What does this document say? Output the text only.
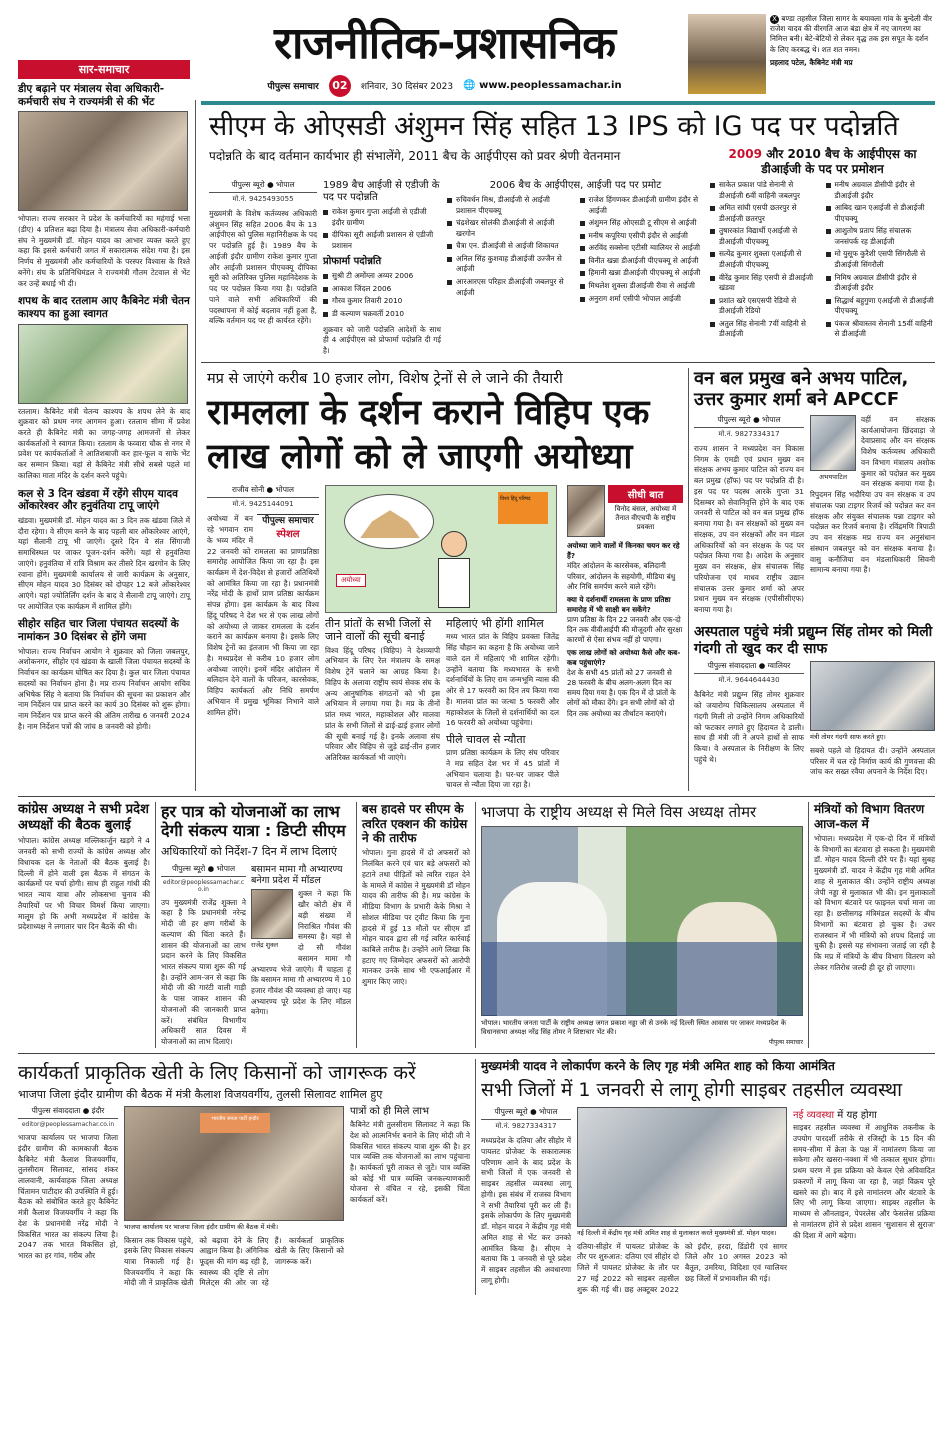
सार-समाचार
डीए बढ़ाने पर मंत्रालय सेवा अधिकारी-कर्मचारी संघ ने राज्यमंत्री से की भेंट
भोपाल। राज्य सरकार ने प्रदेश के कर्मचारियों का महंगाई भत्ता (डीए) 4 प्रतिशत बढ़ा दिया है। मंत्रालय सेवा अधिकारी-कर्मचारी संघ ने मुख्यमंत्री डॉ. मोहन यादव का आभार व्यक्त करते हुए कहा कि इससे कर्मचारी जगत में सकारात्मक संदेश गया है। इस निर्णय से मुख्यमंत्री और कर्मचारियों के परस्पर विश्वास के रिश्ते बनेंगे। संघ के प्रतिनिधिमंडल ने राज्यमंत्री गौतम टेटवाल से भेंट कर उन्हें बधाई भी दी।
शपथ के बाद रतलाम आए कैबिनेट मंत्री चेतन काश्यप का हुआ स्वागत
रतलाम। कैबिनेट मंत्री चेतन्य काश्यप के शपथ लेने के बाद शुक्रवार को प्रथम नगर आगमन हुआ। रतलाम सीमा में प्रवेश करते ही कैबिनेट मंत्री का जगह-जगह आमजनों से लेकर कार्यकर्ताओं ने स्वागत किया। रतलाम के फव्वारा चौक से नगर में प्रवेश पर कार्यकर्ताओं ने आतिशबाजी कर हार-फूल व साफे भेंट कर सम्मान किया। यहां से कैबिनेट मंत्री सीधे सबसे पहले मां कालिका माता मंदिर के दर्शन करने पहुंचे।
कल से 3 दिन खंडवा में रहेंगे सीएम यादव ओंकारेश्वर और हनुवंतिया टापू जाएंगे
खंडवा। मुख्यमंत्री डॉ. मोहन यादव का 3 दिन तक खंडवा जिले में दौरा रहेगा। वे सीएम बनने के बाद पहली बार ओंकारेश्वर आएंगे, यहां सैलानी टापू भी जाएंगे। दूसरे दिन वे संत सिंगाजी समाधिस्थल पर जाकर पूजन-दर्शन करेंगे। यहां से हनुवंतिया जाएंगे। हनुवंतिया में रात्रि विश्राम कर तीसरे दिन खरगोन के लिए रवाना होंगे। मुख्यमंत्री कार्यालय से जारी कार्यक्रम के अनुसार, सीएम मोहन यादव 30 दिसंबर को दोपहर 12 बजे ओंकारेश्वर आएंगे। यहां ज्योतिर्लिंग दर्शन के बाद वे सैलानी टापू जाएंगे। टापू पर आयोजित एक कार्यक्रम में शामिल होंगे।
सीहोर सहित चार जिला पंचायत सदस्यों के नामांकन 30 दिसंबर से होंगे जमा
भोपाल। राज्य निर्वाचन आयोग ने शुक्रवार को जिला जबलपुर, अशोकनगर, सीहोर एवं खंडवा के खाली जिला पंचायत सदस्यों के निर्वाचन का कार्यक्रम घोषित कर दिया है। कुल चार जिला पंचायत सदस्यों का निर्वाचन होना है। मप्र राज्य निर्वाचन आयोग सचिव अभिषेक सिंह ने बताया कि निर्वाचन की सूचना का प्रकाशन और नाम निर्देशन पत्र प्राप्त करने का कार्य 30 दिसंबर को शुरू होगा। नाम निर्देशन पत्र प्राप्त करने की अंतिम तारीख 6 जनवरी 2024 है। नाम निर्देशन पत्रों की जांच 8 जनवरी को होगी।
राजनीतिक-प्रशासनिक
पीपुल्स समाचार	02	शनिवार, 30 दिसंबर 2023 🌐 www.peoplessamachar.in
X बण्डा तहसील जिला सागर के बयावला गांव के बुन्देली वीर राजेश यादव की वीरगति आज बंडा क्षेत्र में नए जागरण का निमित्त बनी। बेटे-बेटियों से लेकर वृद्ध तक इस सपूत के दर्शन के लिए करबद्ध थे। शत शत नमन।
प्रहलाद पटेल, कैबिनेट मंत्री मप्र
सीएम के ओएसडी अंशुमन सिंह सहित 13 IPS को IG पद पर पदोन्नति
पदोन्नति के बाद वर्तमान कार्यभार ही संभालेंगे, 2011 बैच के आईपीएस को प्रवर श्रेणी वेतनमान	2009 और 2010 बैच के आईपीएस का डीआईजी के पद पर प्रमोशन
पीपुल्स ब्यूरो ● भोपाल
मो.नं. 9425493055
मुख्यमंत्री के विशेष कर्तव्यस्थ अधिकारी अंशुमन सिंह सहित 2006 बैच के 13 आईपीएस को पुलिस महानिरीक्षक के पद पर पदोन्नति हुई है। 1989 बैच के आईजी इंदौर ग्रामीण राकेश कुमार गुप्ता और आईजी प्रशासन पीएचक्यू दीपिका सूरी को अतिरिक्त पुलिस महानिदेशक के पद पर पदोन्नत किया गया है। पदोन्नति पाने वाले सभी अधिकारियों की पदस्थापना में कोई बदलाव नहीं हुआ है, बल्कि वर्तमान पद पर ही कार्यरत रहेंगे।
1989 बैच आईजी से एडीजी के पद पर पदोन्नति
राकेश कुमार गुप्ता आईजी से एडीजी इंदौर ग्रामीण
दीपिका सूरी आईजी प्रशासन से एडीजी प्रशासन
प्रोफार्मा पदोन्नति
सुश्री टी अमोंग्ला अय्यर 2006
आकाश जिंदल 2006
गौरव कुमार तिवारी 2010
डी कल्याण चक्रवर्ती 2010
शुक्रवार को जारी पदोन्नति आदेशों के साथ ही 4 आईपीएस को प्रोफार्मा पदोन्नति दी गई है।
2006 बैच के आईपीएस, आईजी पद पर प्रमोट
रुचिवर्धन मिश्र, डीआईजी से आईजी प्रशासन पीएचक्यू
चंद्रशेखर सोलंकी डीआईजी से आईजी खरगोन
चैत्रा एन. डीआईजी से आईजी शिकायत
अनिल सिंह कुशवाह डीआईजी उज्जैन से आईजी
आरआरएस परिहार डीआईजी जबलपुर से आईजी
राजेश हिंगणकर डीआईजी ग्रामीण इंदौर से आईजी
अंशुमन सिंह ओएसडी टू सीएम से आईजी
मनीष कपूरिया एसीपी इंदौर से आईजी
अरविंद सक्सेना एटीसी ग्वालियर से आईजी
विनीत खन्ना डीआईजी पीएचक्यू से आईजी
हिमानी खन्ना डीआईजी पीएचक्यू से आईजी
मिथलेश शुक्ला डीआईजी रीवा से आईजी
अनुराग शर्मा एसीपी भोपाल आईजी
साकेत प्रकाश पांडे सेनानी से डीआईजी 6वीं वाहिनी जबलपुर
अमित सांघी एसपी छतरपुर से डीआईजी छतरपुर
तुषारकांत विद्यार्थी एआईजी से डीआईजी पीएचक्यू
सत्येंद्र कुमार शुक्ला एआईजी से डीआईजी पीएचक्यू
वीरेंद्र कुमार सिंह एसपी से डीआईजी खंडवा
प्रशांत खरे एसएसपी रेडियो से डीआईजी रेडियो
अतुल सिंह सेनानी 7वीं वाहिनी से डीआईजी
मनीष अग्रवाल डीसीपी इंदौर से डीआईजी इंदौर
आबिद खान एआईजी से डीआईजी पीएचक्यू
आशुतोष प्रताप सिंह संचालक जनसंपर्क रह डीआईजी
मो युसूफ कुरैशी एसपी सिंगरौली से डीआईजी सिंगरौली
निमिष अग्रवाल डीसीपी इंदौर से डीआईजी इंदौर
सिद्धार्थ बहुगुणा एआईजी से डीआईजी पीएचक्यू
पंकज श्रीवास्तव सेनानी 15वीं वाहिनी से डीआईजी
मप्र से जाएंगे करीब 10 हजार लोग, विशेष ट्रेनों से ले जाने की तैयारी
रामलला के दर्शन कराने विहिप एक लाख लोगों को ले जाएगी अयोध्या
राजीव सोनी ● भोपाल
मो.नं. 9425144091
पीपुल्स समाचार
स्पेशल
अयोध्या में बन रहे भगवान राम के भव्य मंदिर में 22 जनवरी को रामलला का प्राणप्रतिष्ठा समारोह आयोजित किया जा रहा है। इस कार्यक्रम में देश-विदेश से हजारों अतिथियों को आमंत्रित किया जा रहा है। प्रधानमंत्री नरेंद्र मोदी के हाथों प्राण प्रतिष्ठा कार्यक्रम संपन्न होगा। इस कार्यक्रम के बाद विश्व हिंदू परिषद ने देश भर से एक लाख लोगों को अयोध्या ले जाकर रामलला के दर्शन कराने का कार्यक्रम बनाया है। इसके लिए विशेष ट्रेनों का इंतजाम भी किया जा रहा है। मध्यप्रदेश से करीब 10 हजार लोग अयोध्या जाएंगे। इनमें मंदिर आंदोलन में बलिदान देने वालों के परिजन, कारसेवक, विहिप कार्यकर्ता और निधि समर्पण अभियान में प्रमुख भूमिका निभाने वाले शामिल होंगे।
विश्व हिंदू परिषद
अयोध्या
तीन प्रांतों के सभी जिलों से जाने वालों की सूची बनाई
विश्व हिंदू परिषद (विहिप) ने देशव्यापी अभियान के लिए रेल मंत्रालय के समक्ष विशेष ट्रेनें चलाने का आग्रह किया है। विहिप के अलावा राष्ट्रीय स्वयं सेवक संघ के अन्य आनुषांगिक संगठनों को भी इस अभियान में लगाया गया है। मप्र के तीनों प्रांत मध्य भारत, महाकोशल और मालवा प्रांत के सभी जिलों से ढाई-ढाई हजार लोगों की सूची बनाई गई है। इनके अलावा संघ परिवार और विहिप से जुड़े ढाई-तीन हजार अतिरिक्त कार्यकर्ता भी जाएंगे।
महिलाएं भी होंगी शामिल
मध्य भारत प्रांत के विहिप प्रवक्ता जितेंद्र सिंह चौहान का कहना है कि अयोध्या जाने वाले दल में महिलाएं भी शामिल रहेंगी। उन्होंने बताया कि मध्यभारत के सभी दर्शनार्थियों के लिए राम जन्मभूमि न्यास की ओर से 17 फरवरी का दिन तय किया गया है। मालवा प्रांत का जत्था 5 फरवरी और महाकोशल के जिलों से दर्शनार्थियों का दल 16 फरवरी को अयोध्या पहुंचेगा।
पीले चावल से न्यौता
प्राण प्रतिष्ठा कार्यक्रम के लिए संघ परिवार ने मप्र सहित देश भर में 45 प्रांतों में अभियान चलाया है। घर-घर जाकर पीले चावल से न्यौता दिया जा रहा है।
सीधी बात
विनोद बंसल, अयोध्या में तैनात वीएचपी के राष्ट्रीय प्रवक्ता
अयोध्या जाने वालों में किनका चयन कर रहे हैं?
मंदिर आंदोलन के कारसेवक, बलिदानी परिवार, आंदोलन के सहयोगी, मीडिया बंधु और निधि समर्पण करने वाले रहेंगे।
क्या ये दर्शनार्थी रामलला के प्राण प्रतिष्ठा समारोह में भी साक्षी बन सकेंगे?
प्राण प्रतिष्ठा के दिन 22 जनवरी और एक-दो दिन तक वीवीआईपी की मौजूदगी और सुरक्षा कारणों से ऐसा संभव नहीं हो पाएगा।
एक लाख लोगों को अयोध्या कैसे और कब-कब पहुंचाएंगे?
देश के सभी 45 प्रांतों को 27 जनवरी से 28 फरवरी के बीच अलग-अलग दिन का समय दिया गया है। एक दिन में दो प्रांतों के लोगों को मौका देंगे। इन सभी लोगों को दो दिन तक अयोध्या का तीर्थाटन कराएंगे।
वन बल प्रमुख बने अभय पाटिल, उत्तर कुमार शर्मा बने APCCF
पीपुल्स ब्यूरो ● भोपाल
मो.नं. 9827334317
राज्य शासन ने मध्यप्रदेश वन विकास निगम के एमडी एवं प्रधान मुख्य वन संरक्षक अभय कुमार पाटिल को राज्य वन बल प्रमुख (हॉफ) पद पर पदोन्नति दी है। इस पद पर पदस्थ आरके गुप्ता 31 दिसम्बर को सेवानिवृत्ति होने के बाद एक जनवरी से पाटिल को वन बल प्रमुख हॉफ बनाया गया है। वन संरक्षकों को मुख्य वन संरक्षक, उप वन संरक्षकों और वन मंडल अधिकारियों को वन संरक्षक के पद पर पदोन्नत किया गया है। आदेश के अनुसार मुख्य वन संरक्षक, क्षेत्र संचालक सिंह परियोजना एवं माधव राष्ट्रीय उद्यान संचालक उत्तर कुमार शर्मा को अपर प्रधान मुख्य वन संरक्षक (एपीसीसीएफ) बनाया गया है।
अभयपाटिल
वहीं वन संरक्षक कार्यआयोजना छिंदवाड़ा जे देवाप्रसाद और वन संरक्षक विशेष कर्तव्यस्थ अधिकारी वन विभाग मंत्रालय अशोक कुमार को पदोन्नत कर मुख्य वन संरक्षक बनाया गया है। रिपुदमन सिंह भदौरिया उप वन संरक्षक व उप संचालक पन्ना टाइगर रिजर्व को पदोन्नत कर वन संरक्षक और संयुक्त संचालक पन्ना टाइगर को पदोन्नत कर रिजर्व बनाया है। रविंद्रमणि त्रिपाठी उप वन संरक्षक मप्र राज्य वन अनुसंधान संस्थान जबलपुर को वन संरक्षक बनाया है। वासु कनौजिया वन मंडलाधिकारी सिवनी सामान्य बनाया गया है।
अस्पताल पहुंचे मंत्री प्रद्युम्न सिंह तोमर को मिली गंदगी तो खुद कर दी साफ
पीपुल्स संवाददाता ● ग्वालियर
मो.नं. 9644644430
कैबिनेट मंत्री प्रद्युम्न सिंह तोमर शुक्रवार को जयारोग्य चिकित्सालय अस्पताल में गंदगी मिली तो उन्होंने निगम अधिकारियों को फटकार लगाते हुए हिदायत दे डाली। साथ ही मंत्री जी ने अपने हाथों से साफ किया। वे अस्पताल के निरीक्षण के लिए पहुंचे थे।
मंत्री तोमर गंदगी साफ करते हुए।
सबसे पहले वो हिदायत दी। उन्होंने अस्पताल परिसर में चल रहे निर्माण कार्य की गुणवत्ता की जांच कर सख्त रवैया अपनाने के निर्देश दिए।
कांग्रेस अध्यक्ष ने सभी प्रदेश अध्यक्षों की बैठक बुलाई
भोपाल। कांग्रेस अध्यक्ष मल्लिकार्जुन खड़गे ने 4 जनवरी को सभी राज्यों के कांग्रेस अध्यक्ष और विधायक दल के नेताओं की बैठक बुलाई है। दिल्ली में होने वाली इस बैठक में संगठन के कार्यक्रमों पर चर्चा होगी। साथ ही राहुल गांधी की भारत न्याय यात्रा और लोकसभा चुनाव की तैयारियों पर भी विचार विमर्श किया जाएगा। मालूम हो कि अभी मध्यप्रदेश में कांग्रेस के प्रदेशाध्यक्ष ने लगातार चार दिन बैठकें की थी।
हर पात्र को योजनाओं का लाभ देगी संकल्प यात्रा : डिप्टी सीएम
अधिकारियों को निर्देश-7 दिन में लाभ दिलाएं
पीपुल्स ब्यूरो ● भोपाल
editor@peoplessamachar.co.in
उप मुख्यमंत्री राजेंद्र शुक्ला ने कहा है कि प्रधानमंत्री नरेन्द्र मोदी जी हर क्षण गरीबों के कल्याण की चिंता करते हैं। शासन की योजनाओं का लाभ प्रदान करने के लिए विकसित भारत संकल्प यात्रा शुरू की गई है। उन्होंने आम-जन से कहा कि मोदी जी की गारंटी वाली गाड़ी के पास जाकर शासन की योजनाओं की जानकारी प्राप्त करें। संबंधित विभागीय अधिकारी सात दिवस में योजनाओं का लाभ दिलाएं।
बसामन मामा गौ अभ्यारण्य बनेगा प्रदेश में मॉडल
राजेंद्र शुक्ल
शुक्ल ने कहा कि खौर कोटी क्षेत्र में बड़ी संख्या में निराश्रित गौवंश की समस्या है। यहां से दो सौ गौवंश बसामन मामा गौ अभ्यारण्य भेजे जाएंगे। मैं चाहता हूं कि बसामन मामा गौ अभ्यारण्य में 10 हजार गौवंश की व्यवस्था हो जाए। यह अभ्यारण्य पूरे प्रदेश के लिए मॉडल बनेगा।
बस हादसे पर सीएम के त्वरित एक्शन की कांग्रेस ने की तारीफ
भोपाल। गुना हादसे में दो अफसरों को निलंबित करने एवं चार बड़े अफसरों को हटाने तथा पीड़ितों को त्वरित राहत देने के मामले में कांग्रेस ने मुख्यमंत्री डॉ मोहन यादव की तारीफ की है। मप्र कांग्रेस के मीडिया विभाग के प्रभारी केके मिश्रा ने सोशल मीडिया पर ट्वीट किया कि गुना हादसे में हुई 13 मौतों पर सीएम डॉ मोहन यादव द्वारा ली गई त्वरित कार्रवाई काबिले तारीफ है। उन्होंने आगे लिखा कि हटाए गए जिम्मेदार अफसरों को आरोपी मानकर उनके साथ भी एफआईआर में शुमार किए जाएं।
भाजपा के राष्ट्रीय अध्यक्ष से मिले विस अध्यक्ष तोमर
भोपाल। भारतीय जनता पार्टी के राष्ट्रीय अध्यक्ष जगत प्रकाश नड्डा जी से उनके नई दिल्ली स्थित आवास पर जाकर मध्यप्रदेश के विधानसभा अध्यक्ष नरेंद्र सिंह तोमर ने शिष्टाचार भेंट की।
पीपुल्स समाचार
मंत्रियों को विभाग वितरण आज-कल में
भोपाल। मध्यप्रदेश में एक-दो दिन में मंत्रियों के विभागों का बंटवारा हो सकता है। मुख्यमंत्री डॉ. मोहन यादव दिल्ली दौरे पर हैं। यहां सुबह मुख्यमंत्री डॉ. यादव ने केंद्रीय गृह मंत्री अमित शाह से मुलाकात की। उन्होंने राष्ट्रीय अध्यक्ष जेपी नड्डा से मुलाकात भी की। इन मुलाकातों को विभाग बंटवारे पर फाइनल चर्चा माना जा रहा है। छत्तीसगढ़ मंत्रिमंडल सदस्यों के बीच विभागों का बंटवारा हो चुका है। उधर राजस्थान में भी मंत्रियों को शपथ दिलाई जा चुकी है। इससे यह संभावना जताई जा रही है कि मप्र में मंत्रियों के बीच विभाग वितरण को लेकर गतिरोध जल्दी ही दूर हो जाएगा।
कार्यकर्ता प्राकृतिक खेती के लिए किसानों को जागरूक करें
भाजपा जिला इंदौर ग्रामीण की बैठक में मंत्री कैलाश विजयवर्गीय, तुलसी सिलावट शामिल हुए
पीपुल्स संवाददाता ● इंदौर
editor@peoplessamachar.co.in
भाजपा कार्यालय पर भाजपा जिला इंदौर ग्रामीण की कामकाजी बैठक कैबिनेट मंत्री कैलाश विजयवर्गीय, तुलसीराम सिलावट, सांसद शंकर लालवानी, कार्यवाहक जिला अध्यक्ष चिंतामन पाटीदार की उपस्थिति में हुई। बैठक को संबोधित करते हुए कैबिनेट मंत्री कैलाश विजयवर्गीय ने कहा कि देश के प्रधानमंत्री नरेंद्र मोदी ने विकसित भारत का संकल्प लिया है। 2047 तक भारत विकसित हो, भारत का हर गांव, गरीब और
भारतीय जनता पार्टी इन्दौर
भाजपा कार्यालय पर भाजपा जिला इंदौर ग्रामीण की बैठक में मंत्री।
किसान तक विकास पहुंचे, इसके लिए विकास संकल्प यात्रा निकाली गई है। विजयवर्गीय ने कहा कि मोदी जी ने प्राकृतिक खेती को बढ़ावा देने के लिए आह्वान किया है। अंगिनिक फूड्स की मांग बढ़ रही है, स्वास्थ्य की दृष्टि से लोग मिलेट्स की ओर जा रहे हैं। कार्यकर्ता प्राकृतिक खेती के लिए किसानों को जागरूक करें।
पात्रों को ही मिले लाभ
कैबिनेट मंत्री तुलसीराम सिलावट ने कहा कि देश को आत्मनिर्भर बनाने के लिए मोदी जी ने विकसित भारत संकल्प यात्रा शुरू की है। हर पात्र व्यक्ति तक योजनाओं का लाभ पहुंचाना है। कार्यकर्ता पूरी ताकत से जुटें। पात्र व्यक्ति को कोई भी पात्र व्यक्ति जनकल्याणकारी योजना से वंचित न रहे, इसकी चिंता कार्यकर्ता करें।
मुख्यमंत्री यादव ने लोकार्पण करने के लिए गृह मंत्री अमित शाह को किया आमंत्रित
सभी जिलों में 1 जनवरी से लागू होगी साइबर तहसील व्यवस्था
पीपुल्स ब्यूरो ● भोपाल
मो.नं. 9827334317
मध्यप्रदेश के दतिया और सीहोर में पायलट प्रोजेक्ट के सकारात्मक परिणाम आने के बाद प्रदेश के सभी जिलों में एक जनवरी से साइबर तहसील व्यवस्था लागू होगी। इस संबंध में राजस्व विभाग ने सभी तैयारियां पूरी कर ली हैं। इसके लोकार्पण के लिए मुख्यमंत्री डॉ. मोहन यादव ने केंद्रीय गृह मंत्री अमित शाह से भेंट कर उनको आमंत्रित किया है। सीएम ने बताया कि 1 जनवरी से पूरे प्रदेश में साइबर तहसील की अवधारणा लागू होगी।
नई दिल्ली में केंद्रीय गृह मंत्री अमित शाह से मुलाकात करते मुख्यमंत्री डॉ. मोहन यादव।
दतिया-सीहोर में पायलट प्रोजेक्ट के तौर पर शुरुआत: दतिया एवं सीहोर दो जिले में पायलट प्रोजेक्ट के तौर पर 27 मई 2022 को साइबर तहसील शुरू की गई थी। छह अक्टूबर 2022 को इंदौर, हरदा, डिंडोरी एवं सागर जिले और 10 अगस्त 2023 को बैतूल, उमरिया, विदिशा एवं ग्वालियर छह जिलों में प्रभावशील की गई।
नई व्यवस्था में यह होगा
साइबर तहसील व्यवस्था में आधुनिक तकनीक के उपयोग पारदर्शी तरीके से रजिस्ट्री के 15 दिन की समय-सीमा में क्रेता के पक्ष में नामांतरण किया जा सकेगा और खसरा-नक्शा में भी तत्काल सुधार होगा। प्रथम चरण में इस प्रक्रिया को केवल ऐसे अविवादित प्रकरणों में लागू किया जा रहा है, जहां विक्रय पूरे खसरे का हो। बाद में इसे नामांतरण और बंटवारे के लिए भी लागू किया जाएगा। साइबर तहसील के माध्यम से ऑनलाइन, पेपरलेस और फेसलेस प्रक्रिया से नामांतरण होने से प्रदेश शासन 'सुशासन से सुराज' की दिशा में आगे बढ़ेगा।
